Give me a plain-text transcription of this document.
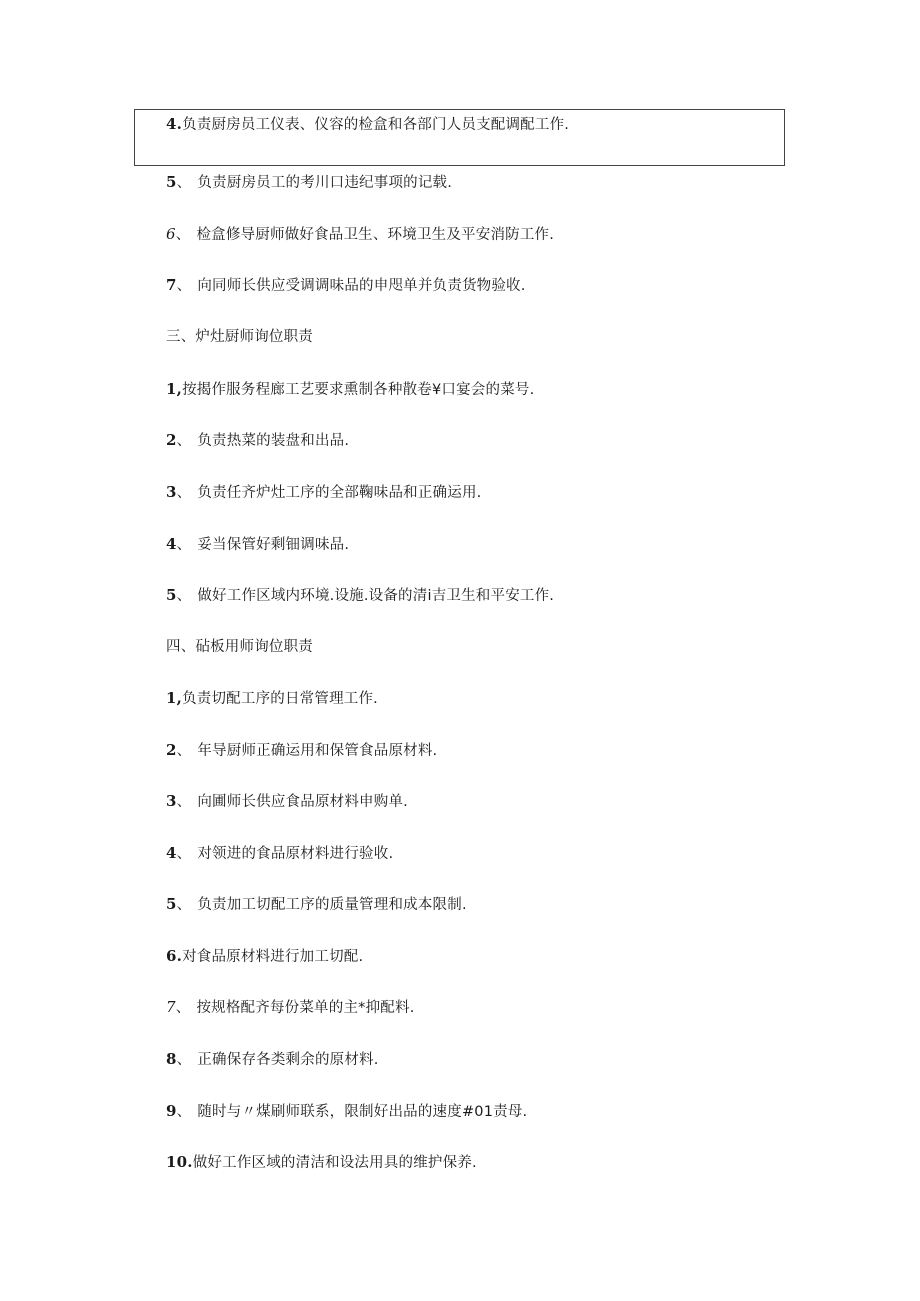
4.负责厨房员工仪表、仪容的检盒和各部门人员支配调配工作.
5、 负责厨房员工的考川口违纪事项的记载.
6、 检盒修导厨师做好食品卫生、环境卫生及平安消防工作.
7、 向同师长供应受调调味品的申咫单并负责货物验收.
三、炉灶厨师询位职责
1,按揭作服务程廊工艺要求熏制各种散卷¥口宴会的菜号.
2、 负责热菜的装盘和出品.
3、 负责任齐炉灶工序的全部鞠味品和正确运用.
4、 妥当保管好剩钿调味品.
5、 做好工作区域内环境.设施.设备的清i吉卫生和平安工作.
四、砧板用师询位职责
1,负责切配工序的日常管理工作.
2、 年导厨师正确运用和保管食品原材料.
3、 向圃师长供应食品原材料申购单.
4、 对领进的食品原材料进行验收.
5、 负责加工切配工序的质量管理和成本限制.
6.对食品原材料进行加工切配.
7、 按规格配齐每份菜单的主*抑配料.
8、 正确保存各类剩余的原材料.
9、 随时与〃煤刷师联系，限制好出品的速度#01责母.
10.做好工作区域的清洁和设法用具的维护保养.
